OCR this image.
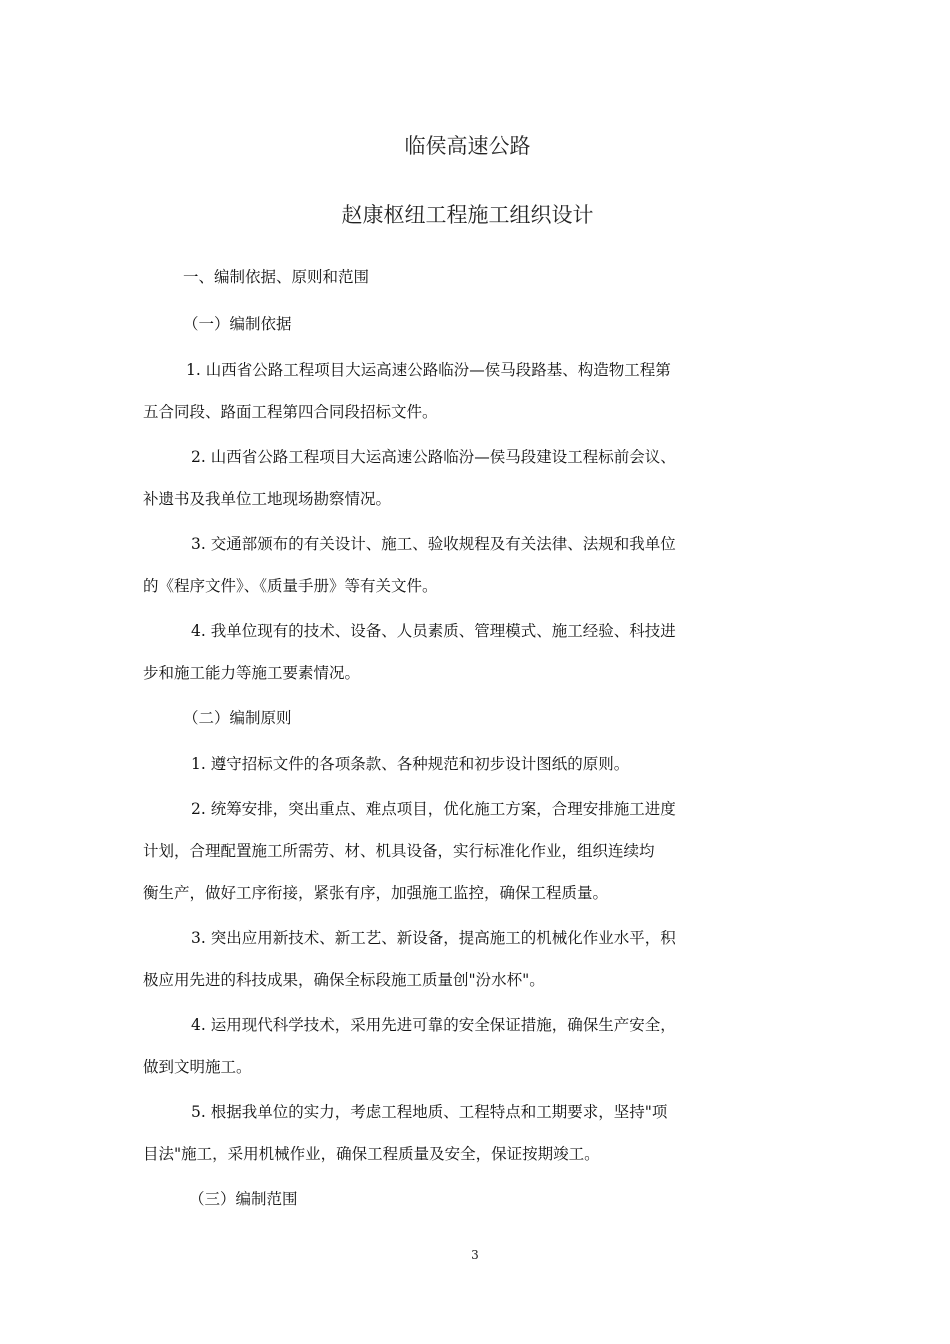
临侯高速公路
赵康枢纽工程施工组织设计
一、编制依据、原则和范围
（一）编制依据
1. 山西省公路工程项目大运高速公路临汾—侯马段路基、构造物工程第
五合同段、路面工程第四合同段招标文件。
2. 山西省公路工程项目大运高速公路临汾—侯马段建设工程标前会议、
补遗书及我单位工地现场勘察情况。
3. 交通部颁布的有关设计、施工、验收规程及有关法律、法规和我单位
的《程序文件》、《质量手册》等有关文件。
4. 我单位现有的技术、设备、人员素质、管理模式、施工经验、科技进
步和施工能力等施工要素情况。
（二）编制原则
1. 遵守招标文件的各项条款、各种规范和初步设计图纸的原则。
2. 统筹安排，突出重点、难点项目，优化施工方案，合理安排施工进度
计划，合理配置施工所需劳、材、机具设备，实行标准化作业，组织连续均
衡生产，做好工序衔接，紧张有序，加强施工监控，确保工程质量。
3. 突出应用新技术、新工艺、新设备，提高施工的机械化作业水平，积
极应用先进的科技成果，确保全标段施工质量创"汾水杯"。
4. 运用现代科学技术，采用先进可靠的安全保证措施，确保生产安全，
做到文明施工。
5. 根据我单位的实力，考虑工程地质、工程特点和工期要求，坚持"项
目法"施工，采用机械作业，确保工程质量及安全，保证按期竣工。
（三）编制范围
3
